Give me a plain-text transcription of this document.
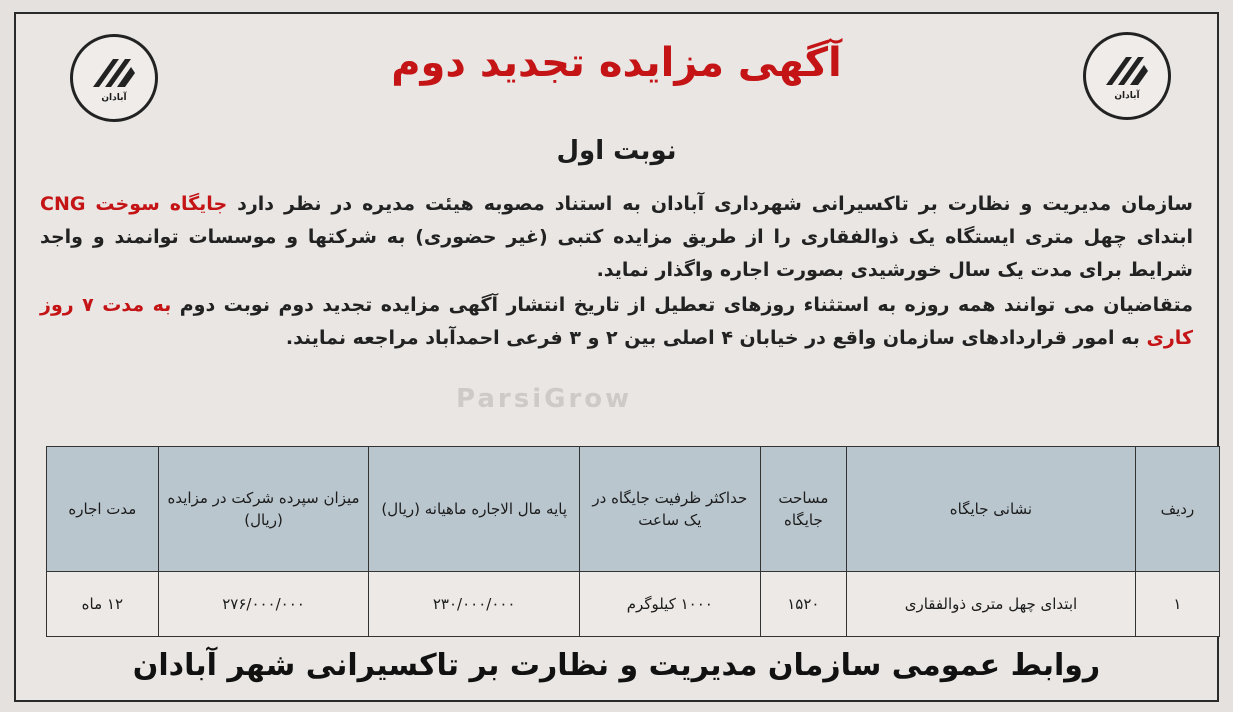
آبادان	آبادان
آگهی مزایده تجدید دوم
نوبت اول

سازمان مدیریت و نظارت بر تاکسیرانی شهرداری آبادان به استناد مصوبه هیئت مدیره در نظر دارد جایگاه سوخت CNG ابتدای چهل متری ایستگاه یک ذوالفقاری را از طریق مزایده کتبی (غیر حضوری) به شرکتها و موسسات توانمند و واجد شرایط برای مدت یک سال خورشیدی بصورت اجاره واگذار نماید.

متقاضیان می توانند همه روزه به استثناء روزهای تعطیل از تاریخ انتشار آگهی مزایده تجدید دوم نوبت دوم به مدت ۷ روز کاری به امور قراردادهای سازمان واقع در خیابان ۴ اصلی بین ۲ و ۳ فرعی احمدآباد مراجعه نمایند.

ParsiGrow
ردیف	نشانی جایگاه	مساحت جایگاه	حداکثر ظرفیت جایگاه در یک ساعت	پایه مال الاجاره ماهیانه (ریال)	میزان سپرده شرکت در مزایده (ریال)	مدت اجاره
۱	ابتدای چهل متری ذوالفقاری	۱۵۲۰	۱۰۰۰ کیلوگرم	۲۳۰/۰۰۰/۰۰۰	۲۷۶/۰۰۰/۰۰۰	۱۲ ماه
روابط عمومی سازمان مدیریت و نظارت بر تاکسیرانی شهر آبادان
